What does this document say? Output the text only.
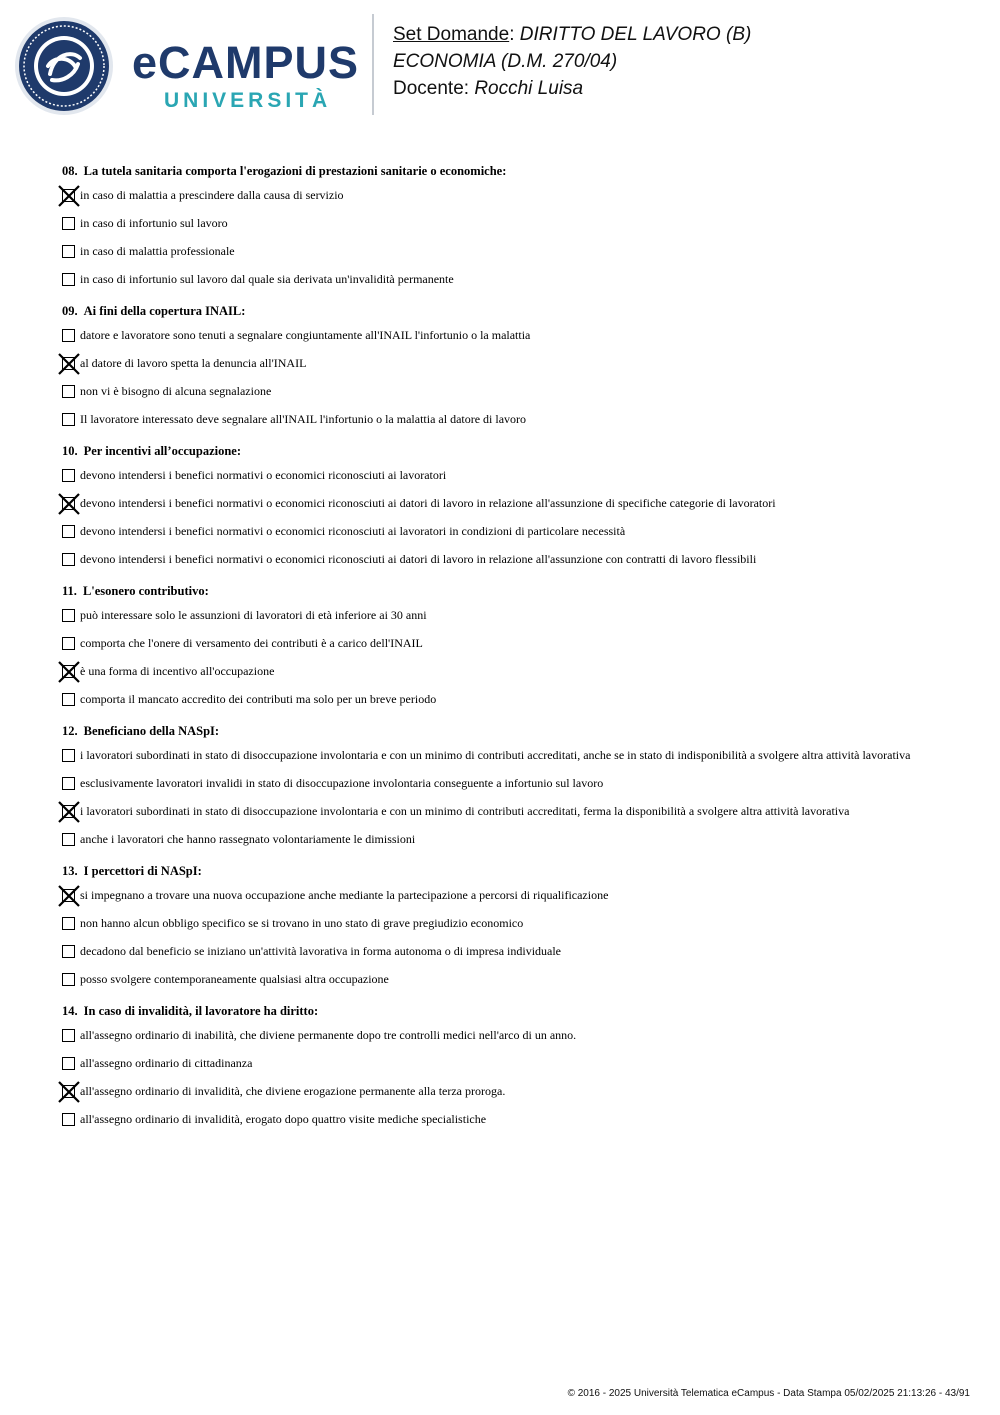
eCAMPUS
UNIVERSITÀ
Set Domande: DIRITTO DEL LAVORO (B)
ECONOMIA (D.M. 270/04)
Docente: Rocchi Luisa
08. La tutela sanitaria comporta l'erogazioni di prestazioni sanitarie o economiche:
in caso di malattia a prescindere dalla causa di servizio
in caso di infortunio sul lavoro
in caso di malattia professionale
in caso di infortunio sul lavoro dal quale sia derivata un'invalidità permanente
09. Ai fini della copertura INAIL:
datore e lavoratore sono tenuti a segnalare congiuntamente all'INAIL l'infortunio o la malattia
al datore di lavoro spetta la denuncia all'INAIL
non vi è bisogno di alcuna segnalazione
Il lavoratore interessato deve segnalare all'INAIL l'infortunio o la malattia al datore di lavoro
10. Per incentivi all’occupazione:
devono intendersi i benefici normativi o economici riconosciuti ai lavoratori
devono intendersi i benefici normativi o economici riconosciuti ai datori di lavoro in relazione all'assunzione di specifiche categorie di lavoratori
devono intendersi i benefici normativi o economici riconosciuti ai lavoratori in condizioni di particolare necessità
devono intendersi i benefici normativi o economici riconosciuti ai datori di lavoro in relazione all'assunzione con contratti di lavoro flessibili
11. L'esonero contributivo:
può interessare solo le assunzioni di lavoratori di età inferiore ai 30 anni
comporta che l'onere di versamento dei contributi è a carico dell'INAIL
è una forma di incentivo all'occupazione
comporta il mancato accredito dei contributi ma solo per un breve periodo
12. Beneficiano della NASpI:
i lavoratori subordinati in stato di disoccupazione involontaria e con un minimo di contributi accreditati, anche se in stato di indisponibilità a svolgere altra attività lavorativa
esclusivamente lavoratori invalidi in stato di disoccupazione involontaria conseguente a infortunio sul lavoro
i lavoratori subordinati in stato di disoccupazione involontaria e con un minimo di contributi accreditati, ferma la disponibilità a svolgere altra attività lavorativa
anche i lavoratori che hanno rassegnato volontariamente le dimissioni
13. I percettori di NASpI:
si impegnano a trovare una nuova occupazione anche mediante la partecipazione a percorsi di riqualificazione
non hanno alcun obbligo specifico se si trovano in uno stato di grave pregiudizio economico
decadono dal beneficio se iniziano un'attività lavorativa in forma autonoma o di impresa individuale
posso svolgere contemporaneamente qualsiasi altra occupazione
14. In caso di invalidità, il lavoratore ha diritto:
all'assegno ordinario di inabilità, che diviene permanente dopo tre controlli medici nell'arco di un anno.
all'assegno ordinario di cittadinanza
all'assegno ordinario di invalidità, che diviene erogazione permanente alla terza proroga.
all'assegno ordinario di invalidità, erogato dopo quattro visite mediche specialistiche
© 2016 - 2025 Università Telematica eCampus - Data Stampa 05/02/2025 21:13:26 - 43/91
